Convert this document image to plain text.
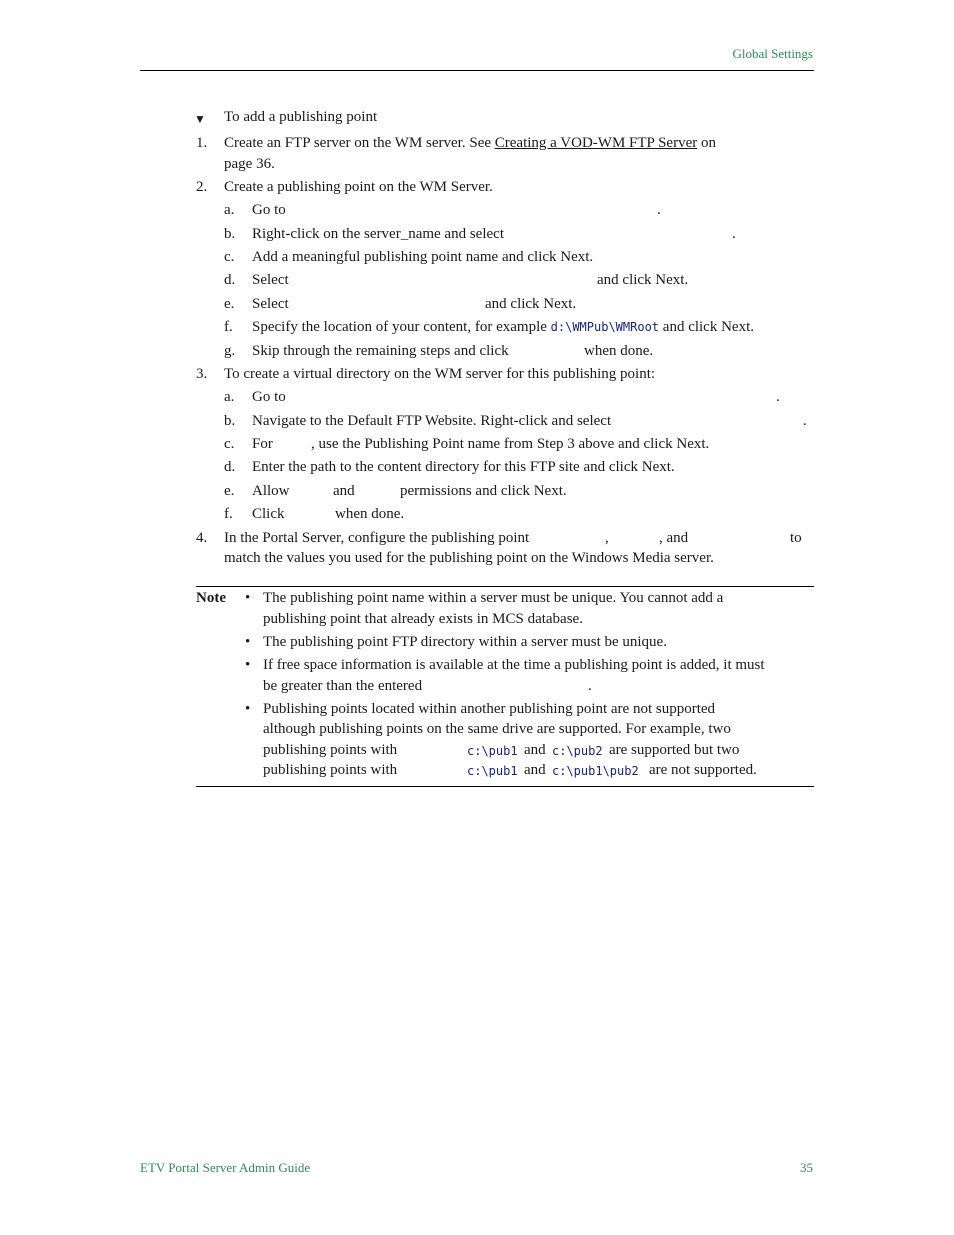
Global Settings
▼ To add a publishing point
1. Create an FTP server on the WM server. See Creating a VOD-WM FTP Server on
page 36.
2. Create a publishing point on the WM Server.
a. Go to	.
b. Right-click on the server_name and select	.
c. Add a meaningful publishing point name and click Next.
d. Select	and click Next.
e. Select	and click Next.
f. Specify the location of your content, for example d:\WMPub\WMRoot and click Next.
g. Skip through the remaining steps and click	when done.
3. To create a virtual directory on the WM server for this publishing point:
a. Go to	.
b. Navigate to the Default FTP Website. Right-click and select	.
c. For	, use the Publishing Point name from Step 3 above and click Next.
d. Enter the path to the content directory for this FTP site and click Next.
e. Allow	and	permissions and click Next.
f. Click	when done.
4. In the Portal Server, configure the publishing point	,	, and	to
match the values you used for the publishing point on the Windows Media server.
Note • The publishing point name within a server must be unique. You cannot add a
publishing point that already exists in MCS database.
• The publishing point FTP directory within a server must be unique.
• If free space information is available at the time a publishing point is added, it must
be greater than the entered	.
• Publishing points located within another publishing point are not supported
although publishing points on the same drive are supported. For example, two
publishing points with	c:\pub1 and c:\pub2 are supported but two
publishing points with	c:\pub1 and c:\pub1\pub2 are not supported.
ETV Portal Server Admin Guide	35
